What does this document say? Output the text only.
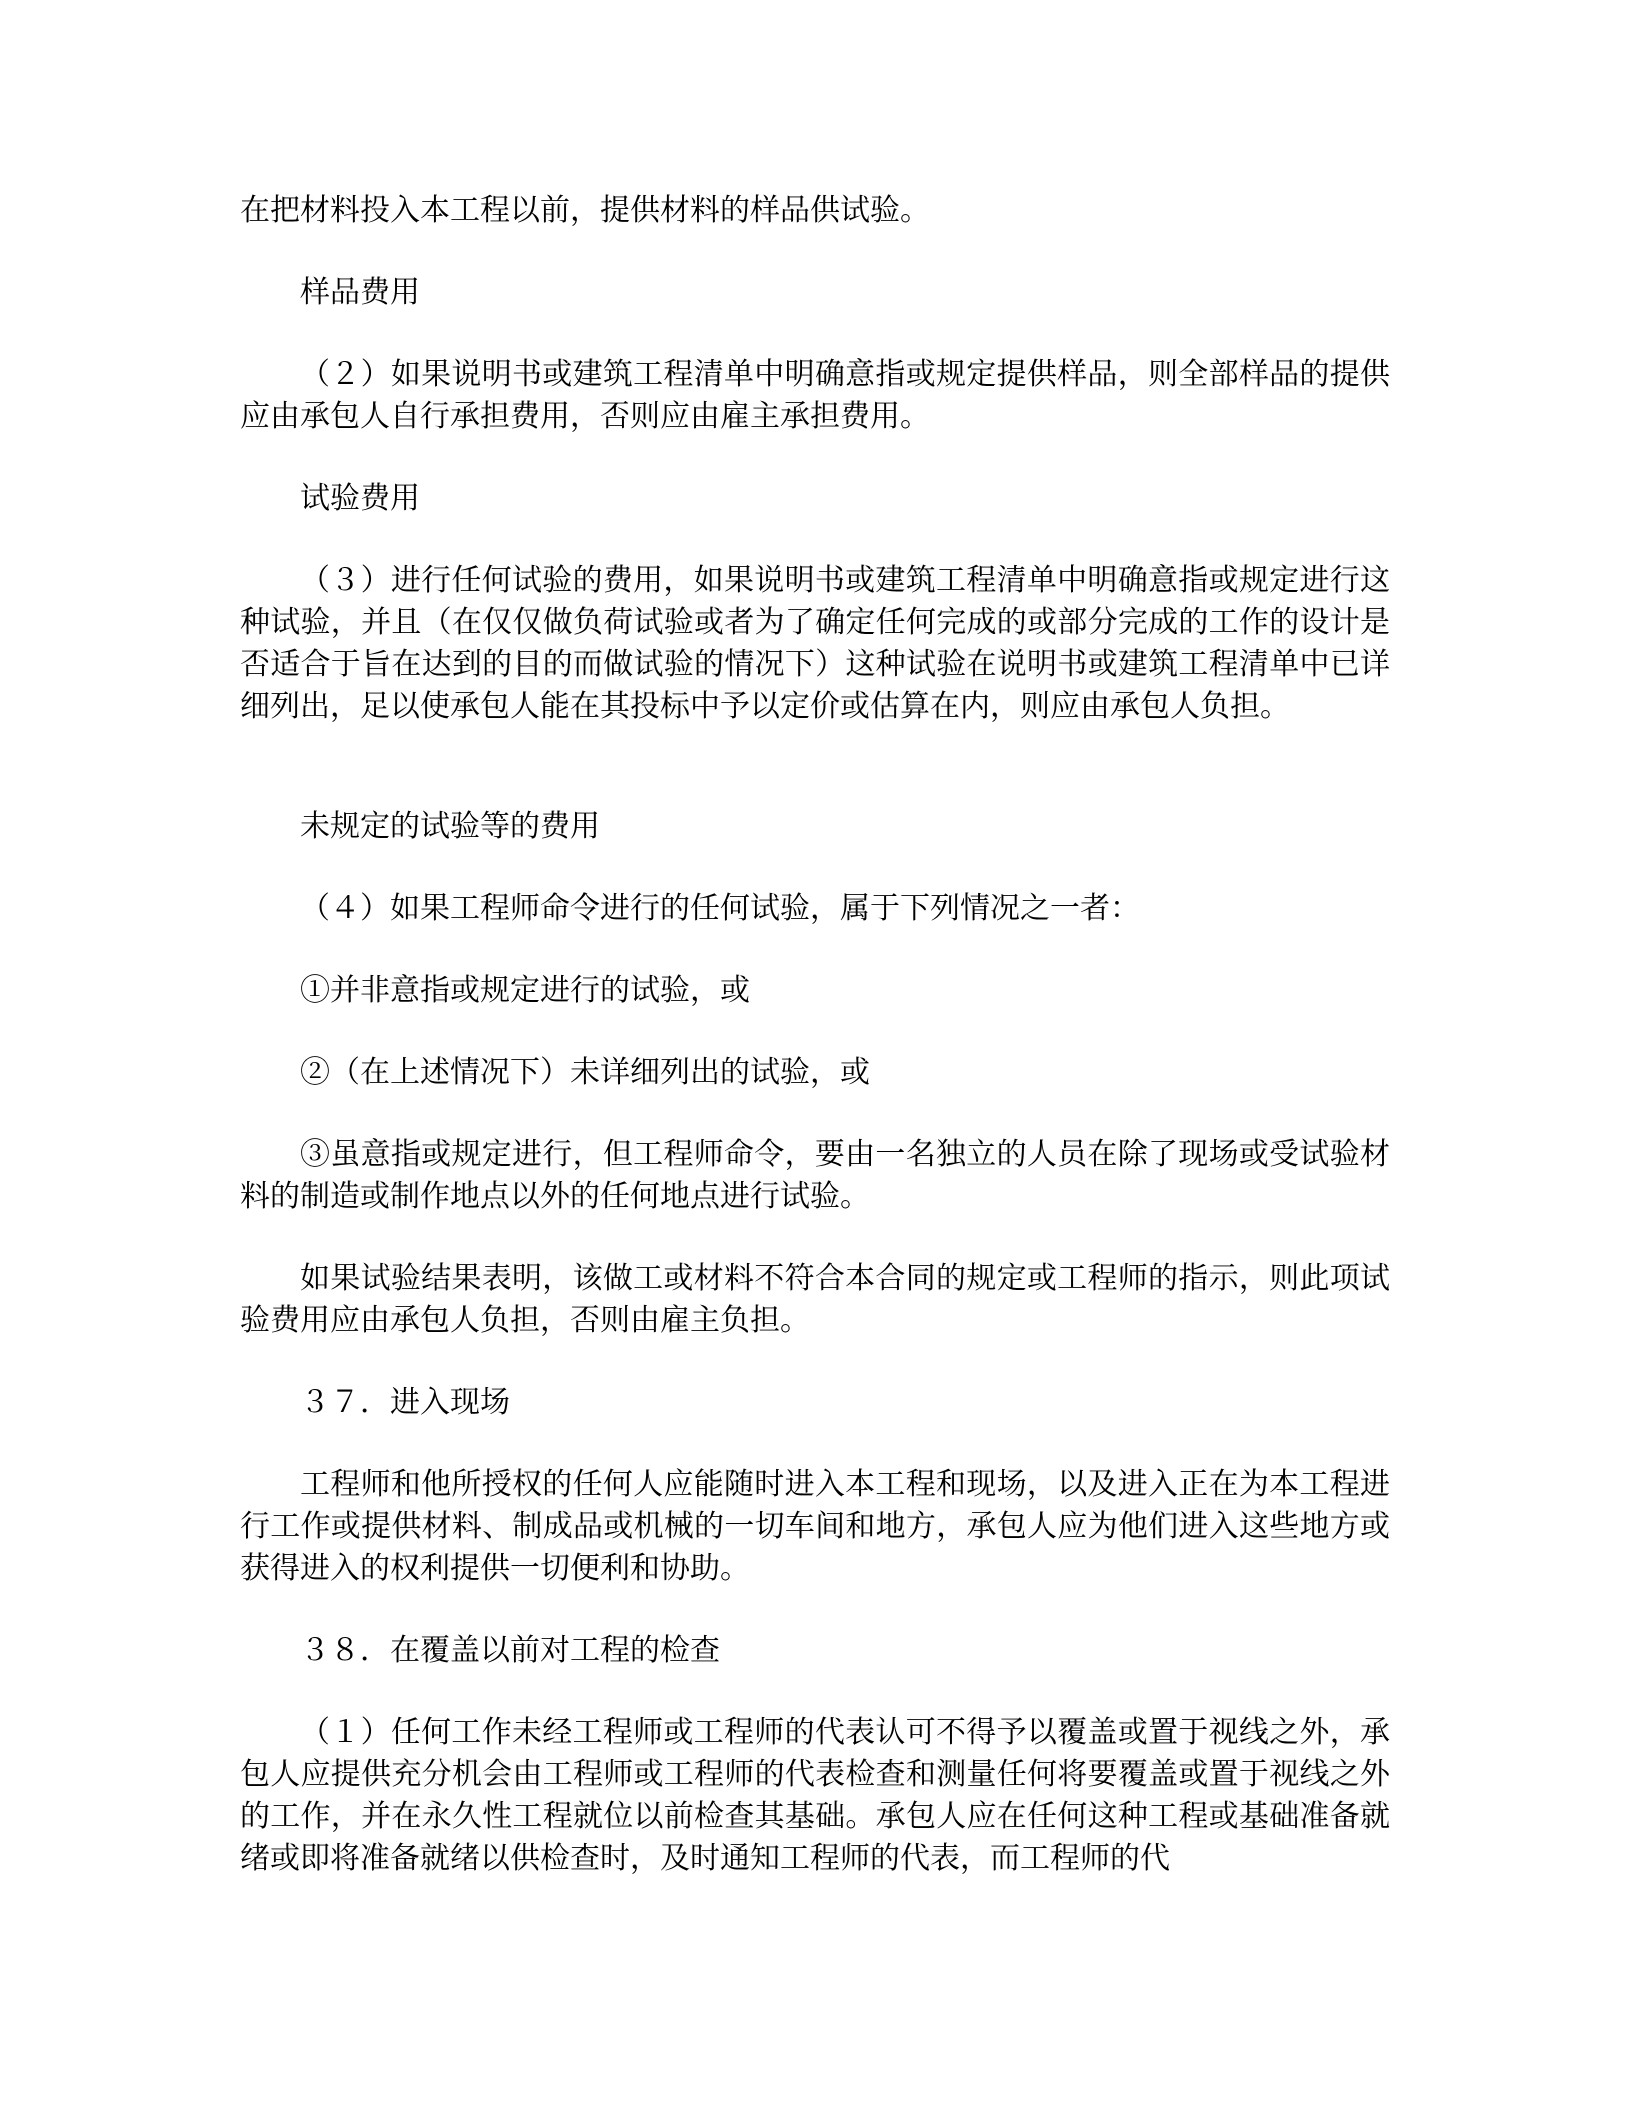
在把材料投入本工程以前，提供材料的样品供试验。

样品费用

（２）如果说明书或建筑工程清单中明确意指或规定提供样品，则全部样品的提供应由承包人自行承担费用，否则应由雇主承担费用。

试验费用

（３）进行任何试验的费用，如果说明书或建筑工程清单中明确意指或规定进行这种试验，并且（在仅仅做负荷试验或者为了确定任何完成的或部分完成的工作的设计是否适合于旨在达到的目的而做试验的情况下）这种试验在说明书或建筑工程清单中已详细列出，足以使承包人能在其投标中予以定价或估算在内，则应由承包人负担。

未规定的试验等的费用

（４）如果工程师命令进行的任何试验，属于下列情况之一者：

①并非意指或规定进行的试验，或

②（在上述情况下）未详细列出的试验，或

③虽意指或规定进行，但工程师命令，要由一名独立的人员在除了现场或受试验材料的制造或制作地点以外的任何地点进行试验。

如果试验结果表明，该做工或材料不符合本合同的规定或工程师的指示，则此项试验费用应由承包人负担，否则由雇主负担。

３７．进入现场

工程师和他所授权的任何人应能随时进入本工程和现场，以及进入正在为本工程进行工作或提供材料、制成品或机械的一切车间和地方，承包人应为他们进入这些地方或获得进入的权利提供一切便利和协助。

３８．在覆盖以前对工程的检查

（１）任何工作未经工程师或工程师的代表认可不得予以覆盖或置于视线之外，承包人应提供充分机会由工程师或工程师的代表检查和测量任何将要覆盖或置于视线之外的工作，并在永久性工程就位以前检查其基础。承包人应在任何这种工程或基础准备就绪或即将准备就绪以供检查时，及时通知工程师的代表，而工程师的代
